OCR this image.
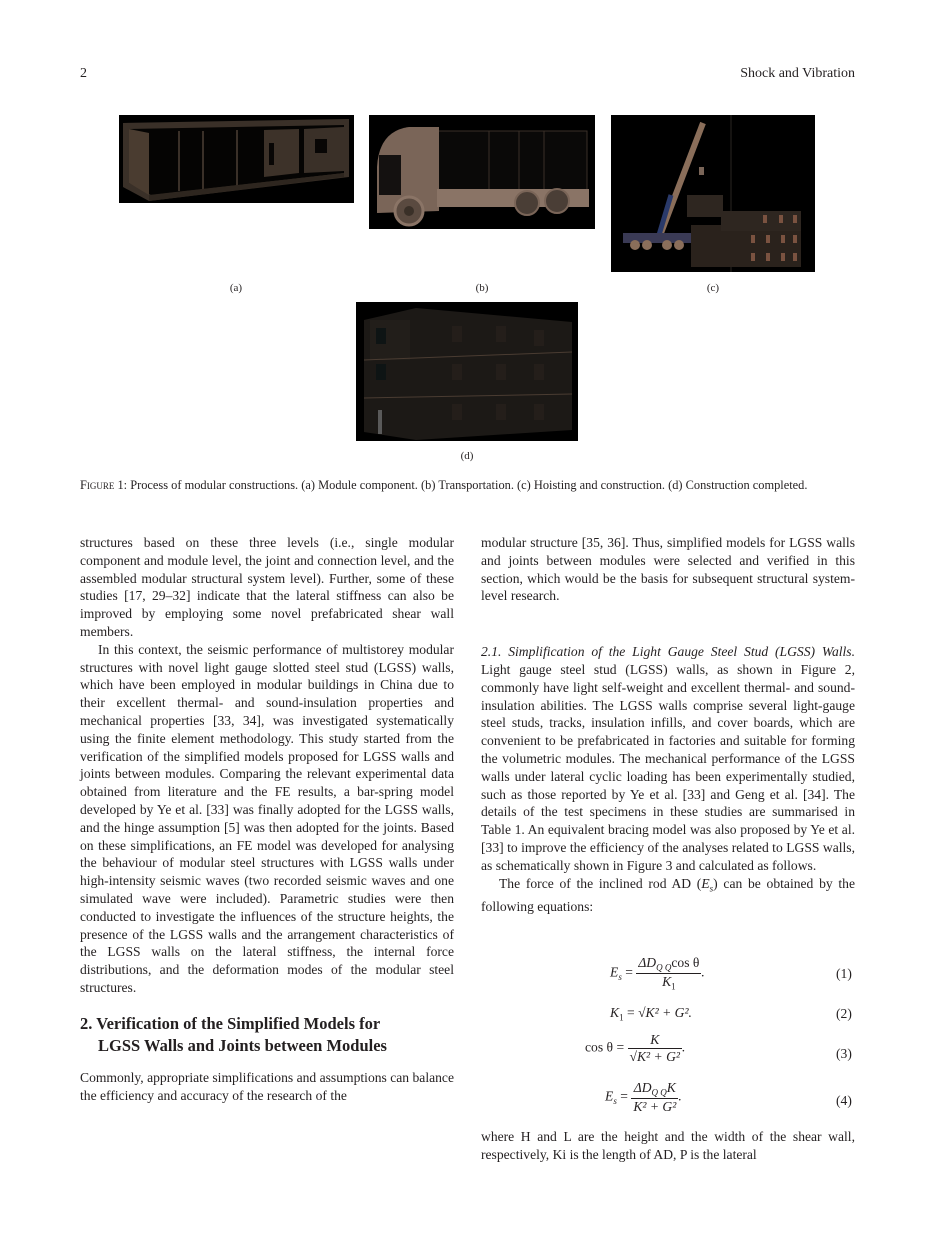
2	Shock and Vibration
(a)	(b)	(c)
(d)
Figure 1: Process of modular constructions. (a) Module component. (b) Transportation. (c) Hoisting and construction. (d) Construction completed.

structures based on these three levels (i.e., single modular component and module level, the joint and connection level, and the assembled modular structural system level). Further, some of these studies [17, 29–32] indicate that the lateral stiffness can also be improved by employing some novel prefabricated shear wall members.

In this context, the seismic performance of multistorey modular structures with novel light gauge slotted steel stud (LGSS) walls, which have been employed in modular buildings in China due to their excellent thermal- and sound-insulation properties and mechanical properties [33, 34], was investigated systematically using the finite element methodology. This study started from the verification of the simplified models proposed for LGSS walls and joints between modules. Comparing the relevant experimental data obtained from literature and the FE results, a bar-spring model developed by Ye et al. [33] was finally adopted for the LGSS walls, and the hinge assumption [5] was then adopted for the joints. Based on these simplifications, an FE model was developed for analysing the behaviour of modular steel structures with LGSS walls under high-intensity seismic waves (two recorded seismic waves and one simulated wave were included). Parametric studies were then conducted to investigate the influences of the structure heights, the presence of the LGSS walls and the arrangement characteristics of the LGSS walls on the lateral stiffness, the internal force distributions, and the deformation modes of the modular steel structures.

2. Verification of the Simplified Models for
LGSS Walls and Joints between Modules

Commonly, appropriate simplifications and assumptions can balance the efficiency and accuracy of the research of the

modular structure [35, 36]. Thus, simplified models for LGSS walls and joints between modules were selected and verified in this section, which would be the basis for subsequent structural system-level research.

2.1. Simplification of the Light Gauge Steel Stud (LGSS) Walls. Light gauge steel stud (LGSS) walls, as shown in Figure 2, commonly have light self-weight and excellent thermal- and sound-insulation abilities. The LGSS walls comprise several light-gauge steel studs, tracks, insulation infills, and cover boards, which are convenient to be prefabricated in factories and suitable for forming the volumetric modules. The mechanical performance of the LGSS walls under lateral cyclic loading has been experimentally studied, such as those reported by Ye et al. [33] and Geng et al. [34]. The details of the test specimens in these studies are summarised in Table 1. An equivalent bracing model was also proposed by Ye et al. [33] to improve the efficiency of the analyses related to LGSS walls, as schematically shown in Figure 3 and calculated as follows.

The force of the inclined rod AD $(E_s)$ can be obtained by the following equations:

$E_s = \frac{\Delta D_{Q Q}\cos \theta}{K_1}$ .	(1)
$K_1 = √K^2 + G^2$.	(2)
$\cos \theta = \frac{K}{\text{√K² + G²}}$ .	(3)
$E_s = \frac{\Delta D_{Q Q}K}{\text{K² + G²}}$ .	(4)

where H and L are the height and the width of the shear wall, respectively, Ki is the length of AD, P is the lateral
